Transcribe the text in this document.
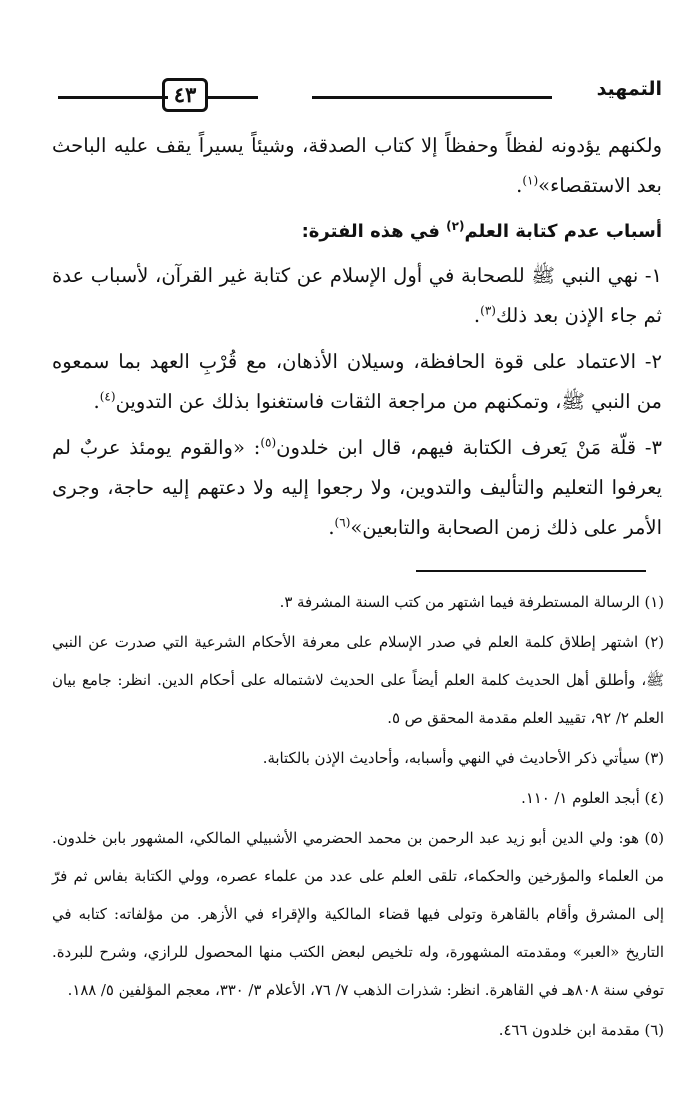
التمهيد
٤٣

ولكنهم يؤدونه لفظاً وحفظاً إلا كتاب الصدقة، وشيئاً يسيراً يقف عليه الباحث بعد الاستقصاء»$^{(١)}$.

أسباب عدم كتابة العلم$^{(٢)}$ في هذه الفترة:

١- نهي النبي ﷺ للصحابة في أول الإسلام عن كتابة غير القرآن، لأسباب عدة ثم جاء الإذن بعد ذلك$^{(٣)}$.

٢- الاعتماد على قوة الحافظة، وسيلان الأذهان، مع قُرْبِ العهد بما سمعوه من النبي ﷺ، وتمكنهم من مراجعة الثقات فاستغنوا بذلك عن التدوين$^{(٤)}$.

٣- قلّة مَنْ يَعرف الكتابة فيهم، قال ابن خلدون$^{(٥)}$: «والقوم يومئذ عربٌ لم يعرفوا التعليم والتأليف والتدوين، ولا رجعوا إليه ولا دعتهم إليه حاجة، وجرى الأمر على ذلك زمن الصحابة والتابعين»$^{(٦)}$.

(١) الرسالة المستطرفة فيما اشتهر من كتب السنة المشرفة ٣.

(٢) اشتهر إطلاق كلمة العلم في صدر الإسلام على معرفة الأحكام الشرعية التي صدرت عن النبي ﷺ، وأطلق أهل الحديث كلمة العلم أيضاً على الحديث لاشتماله على أحكام الدين. انظر: جامع بيان العلم ٢/ ٩٢، تقييد العلم مقدمة المحقق ص ٥.

(٣) سيأتي ذكر الأحاديث في النهي وأسبابه، وأحاديث الإذن بالكتابة.

(٤) أبجد العلوم ١/ ١١٠.

(٥) هو: ولي الدين أبو زيد عبد الرحمن بن محمد الحضرمي الأشبيلي المالكي، المشهور بابن خلدون. من العلماء والمؤرخين والحكماء، تلقى العلم على عدد من علماء عصره، وولي الكتابة بفاس ثم فرّ إلى المشرق وأقام بالقاهرة وتولى فيها قضاء المالكية والإقراء في الأزهر. من مؤلفاته: كتابه في التاريخ «العبر» ومقدمته المشهورة، وله تلخيص لبعض الكتب منها المحصول للرازي، وشرح للبردة. توفي سنة ٨٠٨هـ في القاهرة. انظر: شذرات الذهب ٧/ ٧٦، الأعلام ٣/ ٣٣٠، معجم المؤلفين ٥/ ١٨٨.

(٦) مقدمة ابن خلدون ٤٦٦.
